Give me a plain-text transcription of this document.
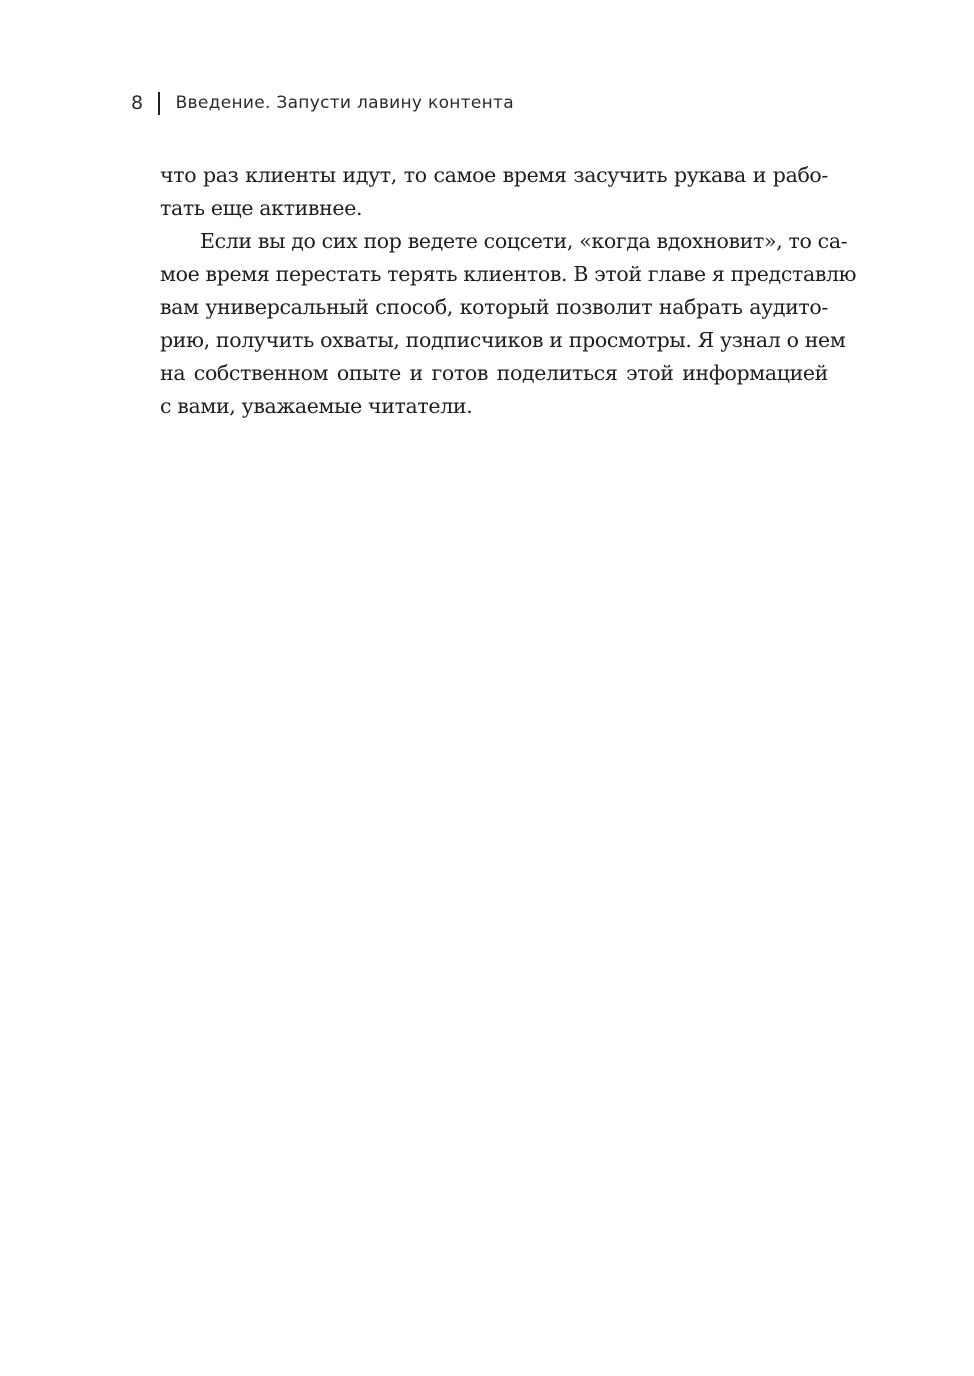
8 Введение. Запусти лавину контента
что раз клиенты идут, то самое время засучить рукава и рабо-
тать еще активнее.
Если вы до сих пор ведете соцсети, «когда вдохновит», то са-
мое время перестать терять клиентов. В этой главе я представлю
вам универсальный способ, который позволит набрать аудито-
рию, получить охваты, подписчиков и просмотры. Я узнал о нем
на собственном опыте и готов поделиться этой информацией
с вами, уважаемые читатели.
